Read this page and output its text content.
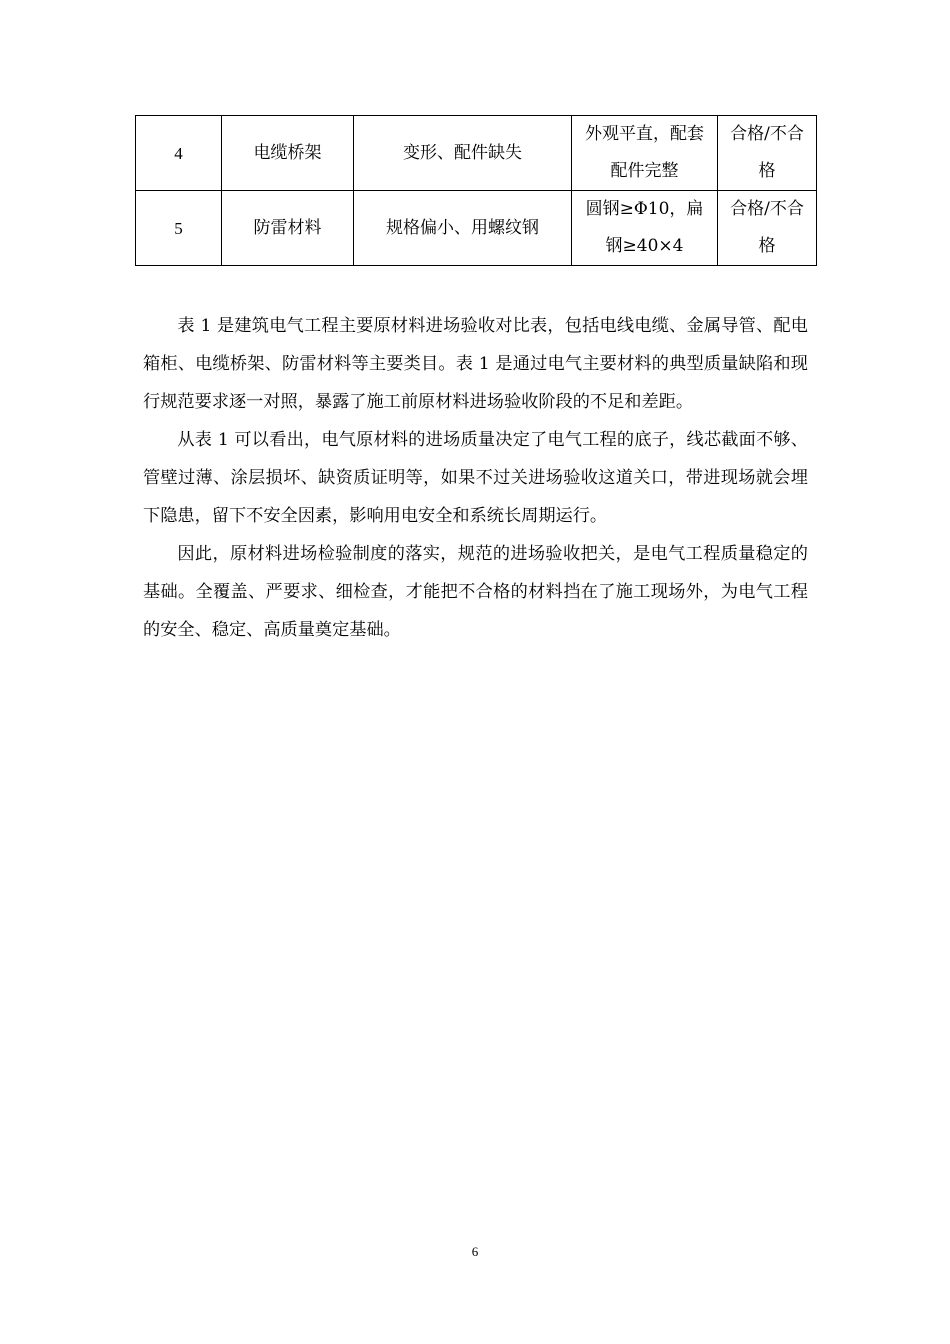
4	电缆桥架	变形、配件缺失	外观平直，配套配件完整	合格/不合格
5	防雷材料	规格偏小、用螺纹钢	圆钢≥Φ10，扁钢≥40×4	合格/不合格

表 1 是建筑电气工程主要原材料进场验收对比表，包括电线电缆、金属导管、配电箱柜、电缆桥架、防雷材料等主要类目。表 1 是通过电气主要材料的典型质量缺陷和现行规范要求逐一对照，暴露了施工前原材料进场验收阶段的不足和差距。

从表 1 可以看出，电气原材料的进场质量决定了电气工程的底子，线芯截面不够、管壁过薄、涂层损坏、缺资质证明等，如果不过关进场验收这道关口，带进现场就会埋下隐患，留下不安全因素，影响用电安全和系统长周期运行。

因此，原材料进场检验制度的落实，规范的进场验收把关，是电气工程质量稳定的基础。全覆盖、严要求、细检查，才能把不合格的材料挡在了施工现场外，为电气工程的安全、稳定、高质量奠定基础。

6
